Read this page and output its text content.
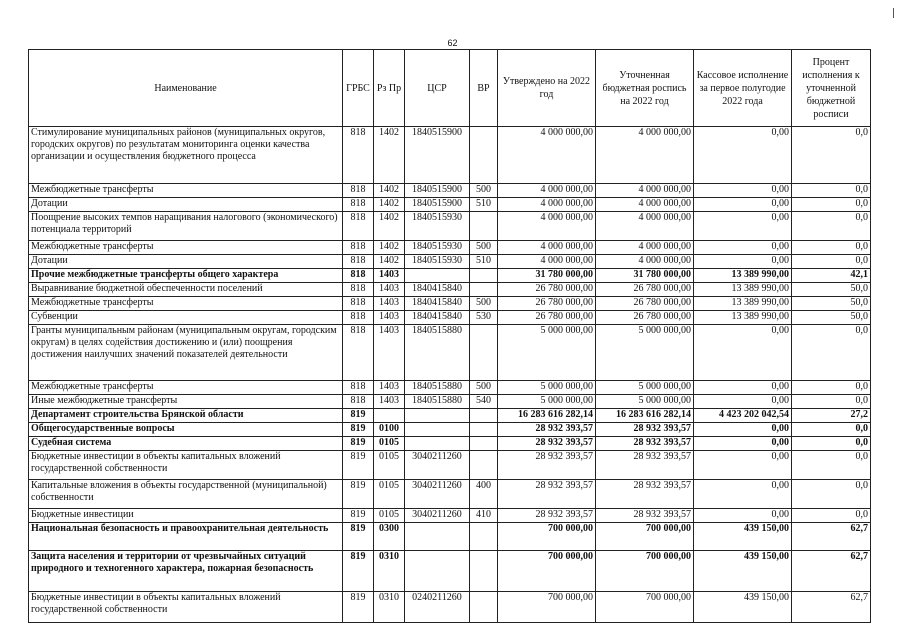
62
Наименование	ГРБС	Рз Пр	ЦСР	ВР	Утверждено на 2022 год	Уточненная бюджетная роспись на 2022 год	Кассовое исполнение за первое полугодие 2022 года	Процент исполнения к уточненной бюджетной росписи
Стимулирование муниципальных районов (муниципальных округов, городских округов) по результатам мониторинга оценки качества организации и осуществления бюджетного процесса	818	1402	1840515900		4 000 000,00	4 000 000,00	0,00	0,0
Межбюджетные трансферты	818	1402	1840515900	500	4 000 000,00	4 000 000,00	0,00	0,0
Дотации	818	1402	1840515900	510	4 000 000,00	4 000 000,00	0,00	0,0
Поощрение высоких темпов наращивания налогового (экономического) потенциала территорий	818	1402	1840515930		4 000 000,00	4 000 000,00	0,00	0,0
Межбюджетные трансферты	818	1402	1840515930	500	4 000 000,00	4 000 000,00	0,00	0,0
Дотации	818	1402	1840515930	510	4 000 000,00	4 000 000,00	0,00	0,0
Прочие межбюджетные трансферты общего характера	818	1403			31 780 000,00	31 780 000,00	13 389 990,00	42,1
Выравнивание бюджетной обеспеченности поселений	818	1403	1840415840		26 780 000,00	26 780 000,00	13 389 990,00	50,0
Межбюджетные трансферты	818	1403	1840415840	500	26 780 000,00	26 780 000,00	13 389 990,00	50,0
Субвенции	818	1403	1840415840	530	26 780 000,00	26 780 000,00	13 389 990,00	50,0
Гранты муниципальным районам (муниципальным округам, городским округам) в целях содействия достижению и (или) поощрения достижения наилучших значений показателей деятельности	818	1403	1840515880		5 000 000,00	5 000 000,00	0,00	0,0
Межбюджетные трансферты	818	1403	1840515880	500	5 000 000,00	5 000 000,00	0,00	0,0
Иные межбюджетные трансферты	818	1403	1840515880	540	5 000 000,00	5 000 000,00	0,00	0,0
Департамент строительства Брянской области	819				16 283 616 282,14	16 283 616 282,14	4 423 202 042,54	27,2
Общегосударственные вопросы	819	0100			28 932 393,57	28 932 393,57	0,00	0,0
Судебная система	819	0105			28 932 393,57	28 932 393,57	0,00	0,0
Бюджетные инвестиции в объекты капитальных вложений государственной собственности	819	0105	3040211260		28 932 393,57	28 932 393,57	0,00	0,0
Капитальные вложения в объекты государственной (муниципальной) собственности	819	0105	3040211260	400	28 932 393,57	28 932 393,57	0,00	0,0
Бюджетные инвестиции	819	0105	3040211260	410	28 932 393,57	28 932 393,57	0,00	0,0
Национальная безопасность и правоохранительная деятельность	819	0300			700 000,00	700 000,00	439 150,00	62,7
Защита населения и территории от чрезвычайных ситуаций природного и техногенного характера, пожарная безопасность	819	0310			700 000,00	700 000,00	439 150,00	62,7
Бюджетные инвестиции в объекты капитальных вложений государственной собственности	819	0310	0240211260		700 000,00	700 000,00	439 150,00	62,7
